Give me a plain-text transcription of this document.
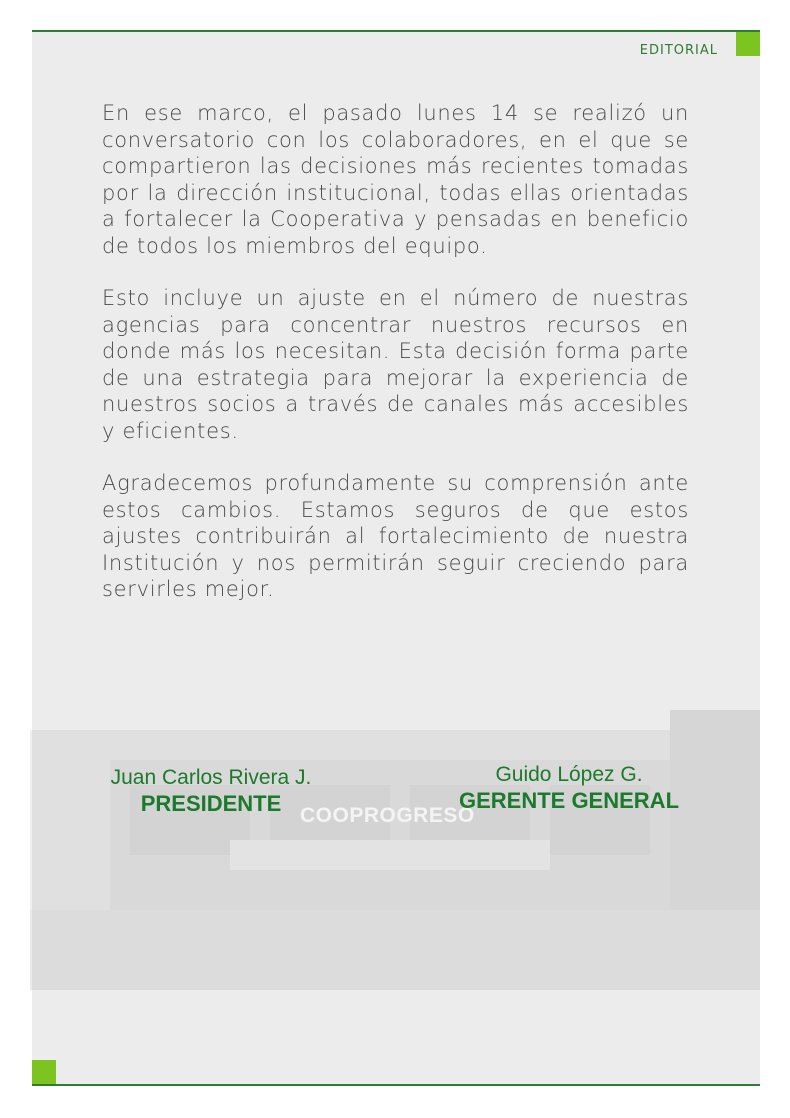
EDITORIAL

En ese marco, el pasado lunes 14 se realizó un conversatorio con los colaboradores, en el que se compartieron las decisiones más recientes tomadas por la dirección institucional, todas ellas orientadas a fortalecer la Cooperativa y pensadas en beneficio de todos los miembros del equipo.

Esto incluye un ajuste en el número de nuestras agencias para concentrar nuestros recursos en donde más los necesitan. Esta decisión forma parte de una estrategia para mejorar la experiencia de nuestros socios a través de canales más accesibles y eficientes.

Agradecemos profundamente su comprensión ante estos cambios. Estamos seguros de que estos ajustes contribuirán al fortalecimiento de nuestra Institución y nos permitirán seguir creciendo para servirles mejor.

COOPROGRESO
Juan Carlos Rivera J.
PRESIDENTE
Guido López G.
GERENTE GENERAL
